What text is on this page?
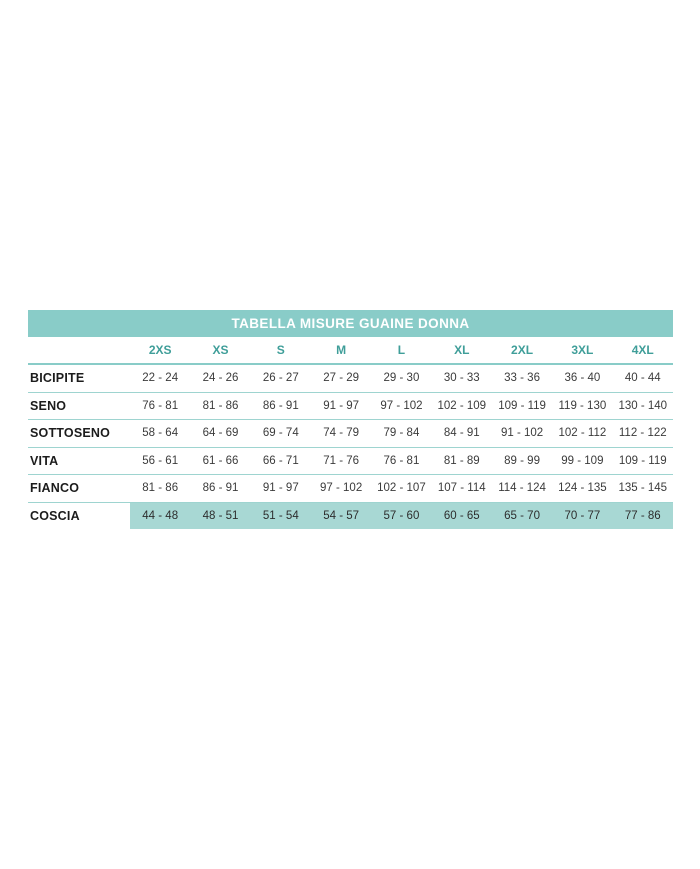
TABELLA MISURE GUAINE DONNA									
	2XS	XS	S	M	L	XL	2XL	3XL	4XL
BICIPITE	22 - 24	24 - 26	26 - 27	27 - 29	29 - 30	30 - 33	33 - 36	36 - 40	40 - 44
SENO	76 - 81	81 - 86	86 - 91	91 - 97	97 - 102	102 - 109	109 - 119	119 - 130	130 - 140
SOTTOSENO	58 - 64	64 - 69	69 - 74	74 - 79	79 - 84	84 - 91	91 - 102	102 - 112	112 - 122
VITA	56 - 61	61 - 66	66 - 71	71 - 76	76 - 81	81 - 89	89 - 99	99 - 109	109 - 119
FIANCO	81 - 86	86 - 91	91 - 97	97 - 102	102 - 107	107 - 114	114 - 124	124 - 135	135 - 145
COSCIA	44 - 48	48 - 51	51 - 54	54 - 57	57 - 60	60 - 65	65 - 70	70 - 77	77 - 86
